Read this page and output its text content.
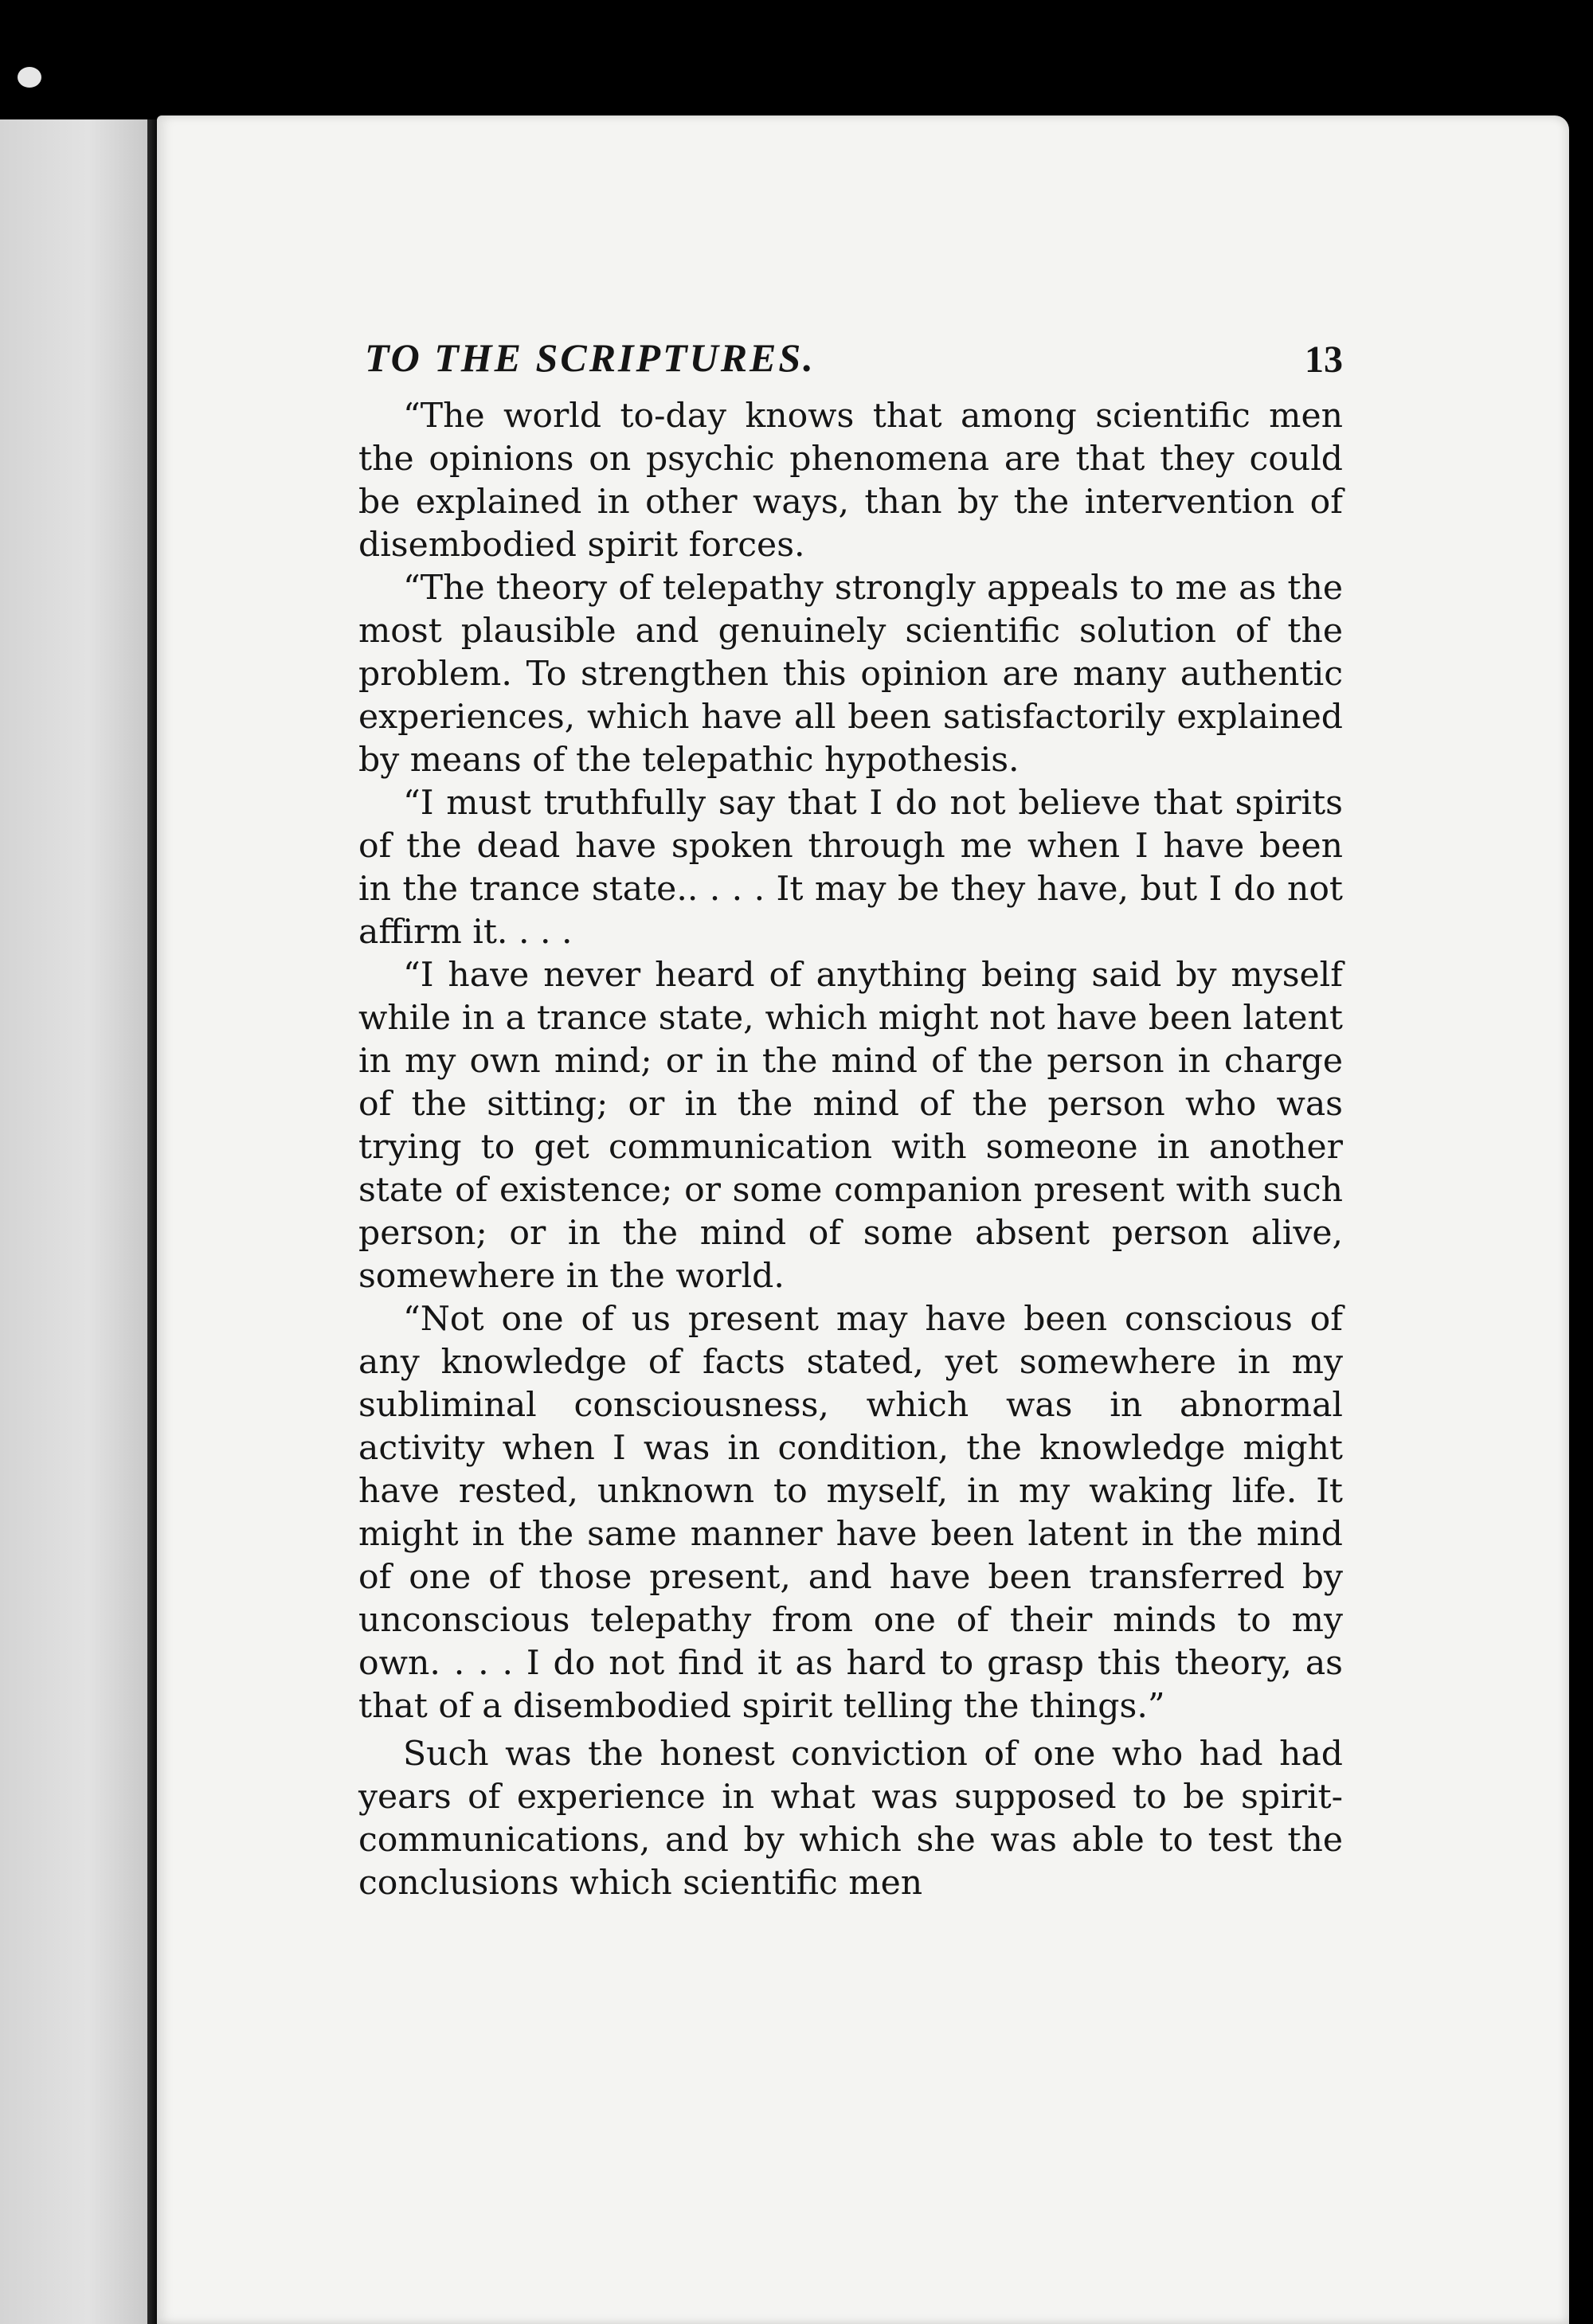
TO THE SCRIPTURES.	13

“The world to-day knows that among scientific men the opinions on psychic phenomena are that they could be explained in other ways, than by the intervention of disembodied spirit forces.

“The theory of telepathy strongly appeals to me as the most plausible and genuinely scientific solution of the problem. To strengthen this opinion are many authentic experiences, which have all been satisfactorily explained by means of the telepathic hypothesis.

“I must truthfully say that I do not believe that spirits of the dead have spoken through me when I have been in the trance state.. . . . It may be they have, but I do not affirm it. . . .

“I have never heard of anything being said by myself while in a trance state, which might not have been latent in my own mind; or in the mind of the person in charge of the sitting; or in the mind of the person who was trying to get communication with someone in another state of existence; or some companion present with such person; or in the mind of some absent person alive, somewhere in the world.

“Not one of us present may have been conscious of any knowledge of facts stated, yet somewhere in my subliminal consciousness, which was in abnormal activity when I was in condition, the knowledge might have rested, unknown to myself, in my waking life. It might in the same manner have been latent in the mind of one of those present, and have been transferred by unconscious telepathy from one of their minds to my own. . . . I do not find it as hard to grasp this theory, as that of a disembodied spirit telling the things.”

Such was the honest conviction of one who had had years of experience in what was supposed to be spirit-communications, and by which she was able to test the conclusions which scientific men
